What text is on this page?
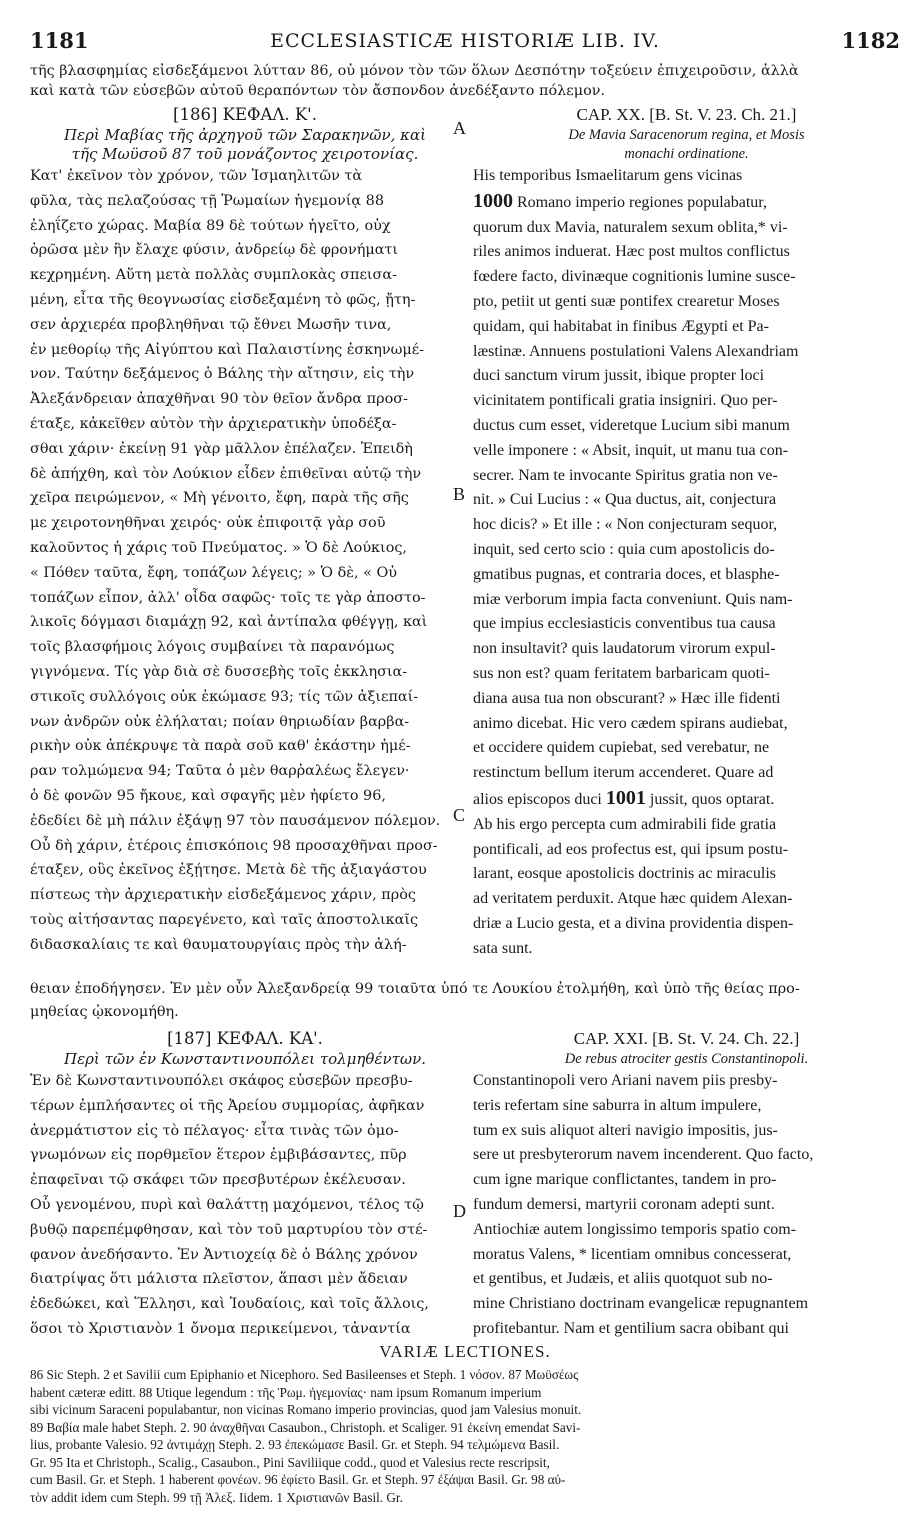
1181	ECCLESIASTICÆ HISTORIÆ LIB. IV.	1182
τῆς βλασφημίας εἰσδεξάμενοι λύτταν 86, οὐ μόνον τὸν τῶν ὅλων Δεσπότην τοξεύειν ἐπιχειροῦσιν, ἀλλὰ
καὶ κατὰ τῶν εὐσεβῶν αὐτοῦ θεραπόντων τὸν ἄσπονδον ἀνεδέξαντο πόλεμον.
[186] ΚΕΦΑΛ. Κ'.
Περὶ Μαβίας τῆς ἀρχηγοῦ τῶν Σαρακηνῶν, καὶ
τῆς Μωϋσοῦ 87 τοῦ μονάζοντος χειροτονίας.
Κατ' ἐκεῖνον τὸν χρόνον, τῶν Ἰσμαηλιτῶν τὰ
φῦλα, τὰς πελαζούσας τῇ Ῥωμαίων ἡγεμονίᾳ 88
ἐληΐζετο χώρας. Μαβία 89 δὲ τούτων ἡγεῖτο, οὐχ
ὁρῶσα μὲν ἣν ἔλαχε φύσιν, ἀνδρείῳ δὲ φρονήματι
κεχρημένη. Αὕτη μετὰ πολλὰς συμπλοκὰς σπεισα-
μένη, εἶτα τῆς θεογνωσίας εἰσδεξαμένη τὸ φῶς, ᾔτη-
σεν ἀρχιερέα προβληθῆναι τῷ ἔθνει Μωσῆν τινα,
ἐν μεθορίῳ τῆς Αἰγύπτου καὶ Παλαιστίνης ἐσκηνωμέ-
νον. Ταύτην δεξάμενος ὁ Βάλης τὴν αἴτησιν, εἰς τὴν
Ἀλεξάνδρειαν ἀπαχθῆναι 90 τὸν θεῖον ἄνδρα προσ-
έταξε, κἀκεῖθεν αὐτὸν τὴν ἀρχιερατικὴν ὑποδέξα-
σθαι χάριν· ἐκείνῃ 91 γὰρ μᾶλλον ἐπέλαζεν. Ἐπειδὴ
δὲ ἀπήχθη, καὶ τὸν Λούκιον εἶδεν ἐπιθεῖναι αὐτῷ τὴν
χεῖρα πειρώμενον, « Μὴ γένοιτο, ἔφη, παρὰ τῆς σῆς
με χειροτονηθῆναι χειρός· οὐκ ἐπιφοιτᾷ γὰρ σοῦ
καλοῦντος ἡ χάρις τοῦ Πνεύματος. » Ὁ δὲ Λούκιος,
« Πόθεν ταῦτα, ἔφη, τοπάζων λέγεις; » Ὁ δὲ, « Οὐ
τοπάζων εἶπον, ἀλλ' οἶδα σαφῶς· τοῖς τε γὰρ ἀποστο-
λικοῖς δόγμασι διαμάχῃ 92, καὶ ἀντίπαλα φθέγγῃ, καὶ
τοῖς βλασφήμοις λόγοις συμβαίνει τὰ παρανόμως
γιγνόμενα. Τίς γὰρ διὰ σὲ δυσσεβὴς τοῖς ἐκκλησια-
στικοῖς συλλόγοις οὐκ ἐκώμασε 93; τίς τῶν ἀξιεπαί-
νων ἀνδρῶν οὐκ ἐλήλαται; ποίαν θηριωδίαν βαρβα-
ρικὴν οὐκ ἀπέκρυψε τὰ παρὰ σοῦ καθ' ἑκάστην ἡμέ-
ραν τολμώμενα 94; Ταῦτα ὁ μὲν θαρῥαλέως ἔλεγεν·
ὁ δὲ φονῶν 95 ἤκουε, καὶ σφαγῆς μὲν ἠφίετο 96,
ἐδεδίει δὲ μὴ πάλιν ἐξάψῃ 97 τὸν παυσάμενον πόλεμον.
Οὗ δὴ χάριν, ἑτέροις ἐπισκόποις 98 προσαχθῆναι προσ-
έταξεν, οὓς ἐκεῖνος ἐξῄτησε. Μετὰ δὲ τῆς ἀξιαγάστου
πίστεως τὴν ἀρχιερατικὴν εἰσδεξάμενος χάριν, πρὸς
τοὺς αἰτήσαντας παρεγένετο, καὶ ταῖς ἀποστολικαῖς
διδασκαλίαις τε καὶ θαυματουργίαις πρὸς τὴν ἀλή-
CAP. XX. [B. St. V. 23. Ch. 21.]
De Mavia Saracenorum regina, et Mosis
monachi ordinatione.
His temporibus Ismaelitarum gens vicinas
1000 Romano imperio regiones populabatur,
quorum dux Mavia, naturalem sexum oblita,* vi-
riles animos induerat. Hæc post multos conflictus
fœdere facto, divinæque cognitionis lumine susce-
pto, petiit ut genti suæ pontifex crearetur Moses
quidam, qui habitabat in finibus Ægypti et Pa-
læstinæ. Annuens postulationi Valens Alexandriam
duci sanctum virum jussit, ibique propter loci
vicinitatem pontificali gratia insigniri. Quo per-
ductus cum esset, videretque Lucium sibi manum
velle imponere : « Absit, inquit, ut manu tua con-
secrer. Nam te invocante Spiritus gratia non ve-
nit. » Cui Lucius : « Qua ductus, ait, conjectura
hoc dicis? » Et ille : « Non conjecturam sequor,
inquit, sed certo scio : quia cum apostolicis do-
gmatibus pugnas, et contraria doces, et blasphe-
miæ verborum impia facta conveniunt. Quis nam-
que impius ecclesiasticis conventibus tua causa
non insultavit? quis laudatorum virorum expul-
sus non est? quam feritatem barbaricam quoti-
diana ausa tua non obscurant? » Hæc ille fidenti
animo dicebat. Hic vero cædem spirans audiebat,
et occidere quidem cupiebat, sed verebatur, ne
restinctum bellum iterum accenderet. Quare ad
alios episcopos duci 1001 jussit, quos optarat.
Ab his ergo percepta cum admirabili fide gratia
pontificali, ad eos profectus est, qui ipsum postu-
larant, eosque apostolicis doctrinis ac miraculis
ad veritatem perduxit. Atque hæc quidem Alexan-
driæ a Lucio gesta, et a divina providentia dispen-
sata sunt.
A
B
C
D
θειαν ἐποδήγησεν. Ἐν μὲν οὖν Ἀλεξανδρείᾳ 99 τοιαῦτα ὑπό τε Λουκίου ἐτολμήθη, καὶ ὑπὸ τῆς θείας προ-
μηθείας ᾠκονομήθη.
[187] ΚΕΦΑΛ. ΚΑ'.
Περὶ τῶν ἐν Κωνσταντινουπόλει τολμηθέντων.
Ἐν δὲ Κωνσταντινουπόλει σκάφος εὐσεβῶν πρεσβυ-
τέρων ἐμπλήσαντες οἱ τῆς Ἀρείου συμμορίας, ἀφῆκαν
ἀνερμάτιστον εἰς τὸ πέλαγος· εἶτα τινὰς τῶν ὁμο-
γνωμόνων εἰς πορθμεῖον ἕτερον ἐμβιβάσαντες, πῦρ
ἐπαφεῖναι τῷ σκάφει τῶν πρεσβυτέρων ἐκέλευσαν.
Οὗ γενομένου, πυρὶ καὶ θαλάττῃ μαχόμενοι, τέλος τῷ
βυθῷ παρεπέμφθησαν, καὶ τὸν τοῦ μαρτυρίου τὸν στέ-
φανον ἀνεδήσαντο. Ἐν Ἀντιοχείᾳ δὲ ὁ Βάλης χρόνον
διατρίψας ὅτι μάλιστα πλεῖστον, ἅπασι μὲν ἄδειαν
ἐδεδώκει, καὶ Ἕλλησι, καὶ Ἰουδαίοις, καὶ τοῖς ἄλλοις,
ὅσοι τὸ Χριστιανὸν 1 ὄνομα περικείμενοι, τἀναντία
CAP. XXI. [B. St. V. 24. Ch. 22.]
De rebus atrociter gestis Constantinopoli.
Constantinopoli vero Ariani navem piis presby-
teris refertam sine saburra in altum impulere,
tum ex suis aliquot alteri navigio impositis, jus-
sere ut presbyterorum navem incenderent. Quo facto,
cum igne marique conflictantes, tandem in pro-
fundum demersi, martyrii coronam adepti sunt.
Antiochiæ autem longissimo temporis spatio com-
moratus Valens, * licentiam omnibus concesserat,
et gentibus, et Judæis, et aliis quotquot sub no-
mine Christiano doctrinam evangelicæ repugnantem
profitebantur. Nam et gentilium sacra obibant qui
VARIÆ LECTIONES.
86 Sic Steph. 2 et Savilii cum Epiphanio et Nicephoro. Sed Basileenses et Steph. 1 νόσον. 87 Μωϋσέως
habent cæteræ editt. 88 Utique legendum : τῆς Ῥωμ. ἡγεμονίας· nam ipsum Romanum imperium
sibi vicinum Saraceni populabantur, non vicinas Romano imperio provincias, quod jam Valesius monuit.
89 Βαβία male habet Steph. 2. 90 ἀναχθῆναι Casaubon., Christoph. et Scaliger. 91 ἐκείνη emendat Savi-
lius, probante Valesio. 92 ἀντιμάχῃ Steph. 2. 93 ἐπεκώμασε Basil. Gr. et Steph. 94 τελμώμενα Basil.
Gr. 95 Ita et Christoph., Scalig., Casaubon., Pini Saviliique codd., quod et Valesius recte rescripsit,
cum Basil. Gr. et Steph. 1 haberent φονέων. 96 ἐφίετο Basil. Gr. et Steph. 97 ἐξάψαι Basil. Gr. 98 αὐ-
τὸν addit idem cum Steph. 99 τῇ Ἀλεξ. Iidem. 1 Χριστιανῶν Basil. Gr.
